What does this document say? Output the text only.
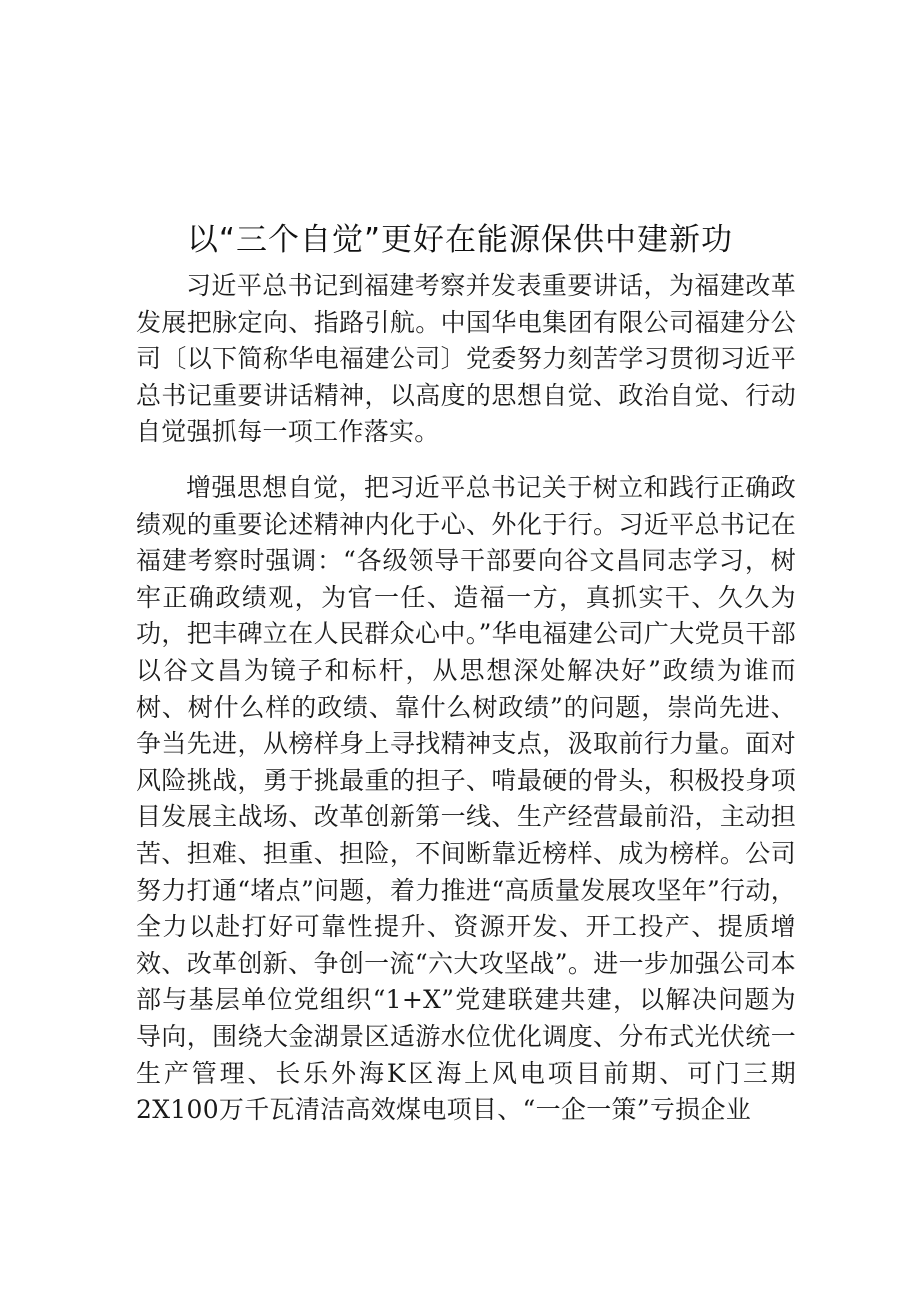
以“三个自觉”更好在能源保供中建新功

习近平总书记到福建考察并发表重要讲话，为福建改革发展把脉定向、指路引航。中国华电集团有限公司福建分公司〔以下简称华电福建公司〕党委努力刻苦学习贯彻习近平总书记重要讲话精神，以高度的思想自觉、政治自觉、行动自觉强抓每一项工作落实。

增强思想自觉，把习近平总书记关于树立和践行正确政绩观的重要论述精神内化于心、外化于行。习近平总书记在福建考察时强调：“各级领导干部要向谷文昌同志学习，树牢正确政绩观，为官一任、造福一方，真抓实干、久久为功，把丰碑立在人民群众心中。”华电福建公司广大党员干部以谷文昌为镜子和标杆，从思想深处解决好”政绩为谁而树、树什么样的政绩、靠什么树政绩”的问题，崇尚先进、争当先进，从榜样身上寻找精神支点，汲取前行力量。面对风险挑战，勇于挑最重的担子、啃最硬的骨头，积极投身项目发展主战场、改革创新第一线、生产经营最前沿，主动担苦、担难、担重、担险，不间断靠近榜样、成为榜样。公司努力打通“堵点”问题，着力推进“高质量发展攻坚年”行动，全力以赴打好可靠性提升、资源开发、开工投产、提质增效、改革创新、争创一流“六大攻坚战”。进一步加强公司本部与基层单位党组织“1+X”党建联建共建，以解决问题为导向，围绕大金湖景区适游水位优化调度、分布式光伏统一生产管理、长乐外海K区海上风电项目前期、可门三期2X100万千瓦清洁高效煤电项目、“一企一策”亏损企业
